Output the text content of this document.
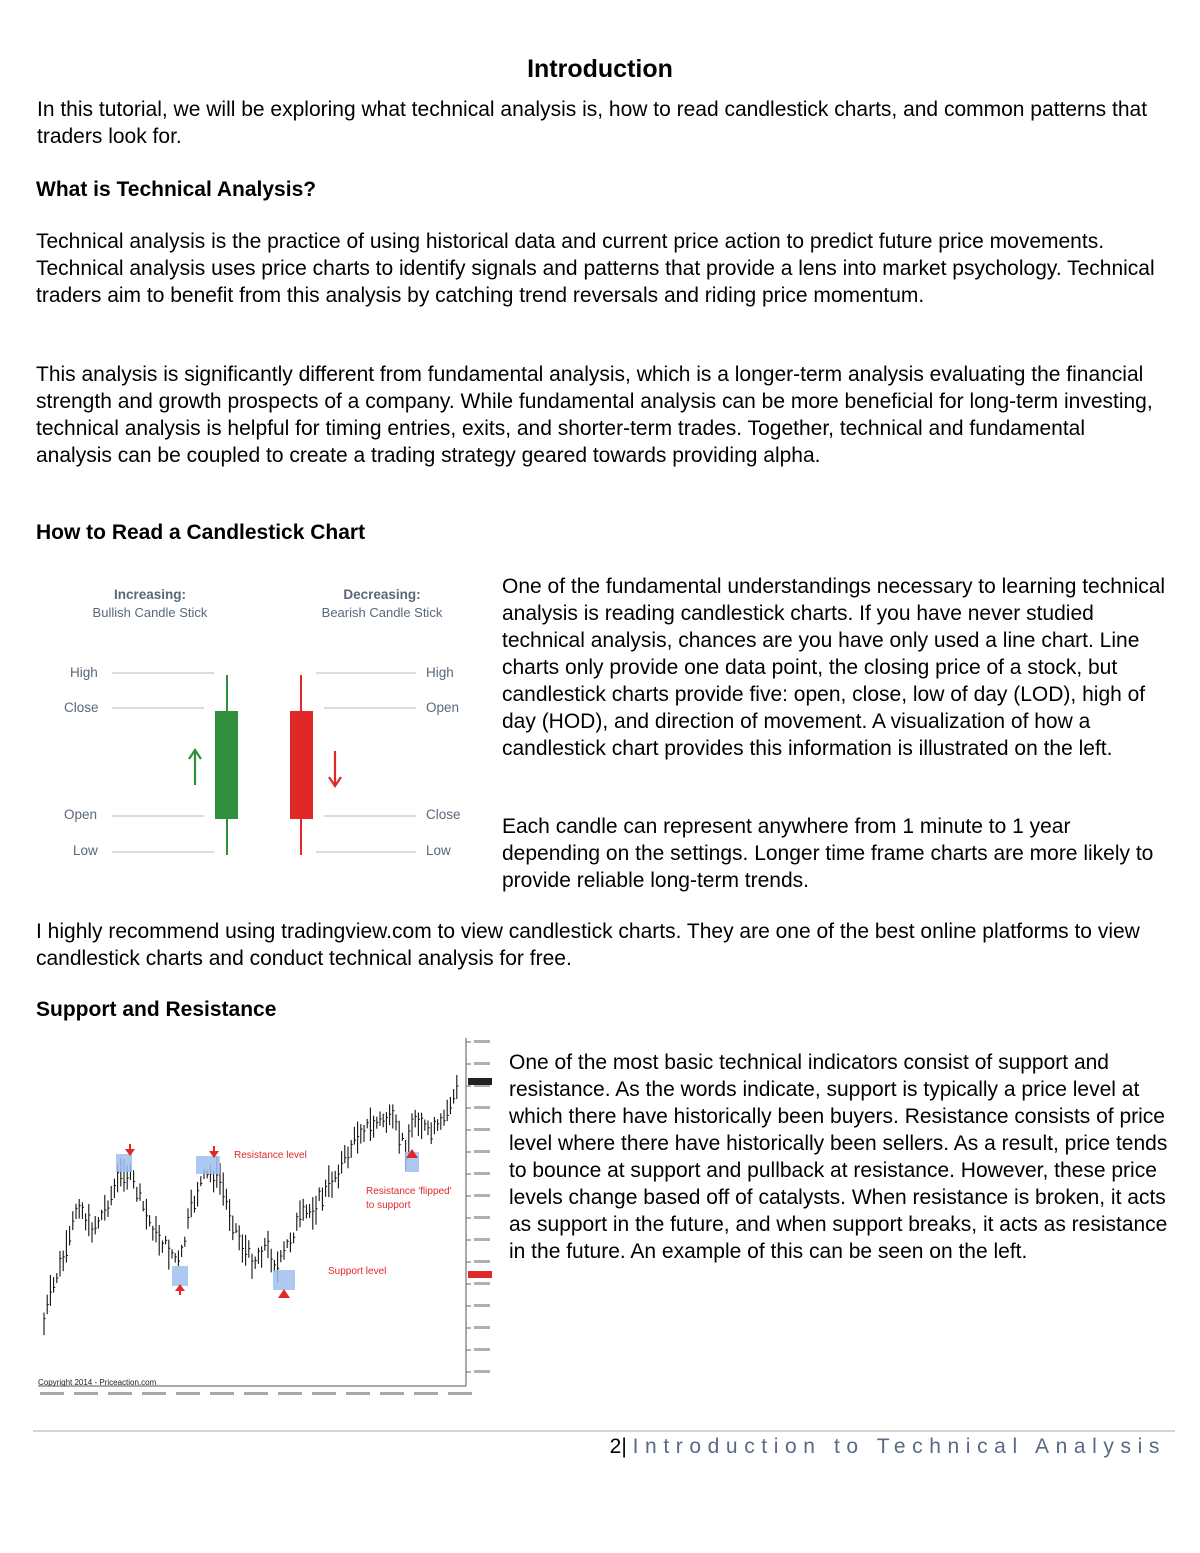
Introduction

In this tutorial, we will be exploring what technical analysis is, how to read candlestick charts, and common patterns that traders look for.

What is Technical Analysis?

Technical analysis is the practice of using historical data and current price action to predict future price movements. Technical analysis uses price charts to identify signals and patterns that provide a lens into market psychology. Technical traders aim to benefit from this analysis by catching trend reversals and riding price momentum.

This analysis is significantly different from fundamental analysis, which is a longer-term analysis evaluating the financial strength and growth prospects of a company. While fundamental analysis can be more beneficial for long-term investing, technical analysis is helpful for timing entries, exits, and shorter-term trades. Together, technical and fundamental analysis can be coupled to create a trading strategy geared towards providing alpha.

How to Read a Candlestick Chart

Increasing:
Bullish Candle Stick
Decreasing:
Bearish Candle Stick
High
Close
Open
Low
High
Open
Close
Low

One of the fundamental understandings necessary to learning technical analysis is reading candlestick charts. If you have never studied technical analysis, chances are you have only used a line chart. Line charts only provide one data point, the closing price of a stock, but candlestick charts provide five: open, close, low of day (LOD), high of day (HOD), and direction of movement. A visualization of how a candlestick chart provides this information is illustrated on the left.

Each candle can represent anywhere from 1 minute to 1 year depending on the settings. Longer time frame charts are more likely to provide reliable long-term trends.

I highly recommend using tradingview.com to view candlestick charts. They are one of the best online platforms to view candlestick charts and conduct technical analysis for free.

Support and Resistance

Resistance level
Resistance 'flipped'
to support
Support level
Copyright 2014 - Priceaction.com

One of the most basic technical indicators consist of support and resistance. As the words indicate, support is typically a price level at which there have historically been buyers. Resistance consists of price level where there have historically been sellers. As a result, price tends to bounce at support and pullback at resistance. However, these price levels change based off of catalysts. When resistance is broken, it acts as support in the future, and when support breaks, it acts as resistance in the future. An example of this can be seen on the left.

2| Introduction to Technical Analysis
